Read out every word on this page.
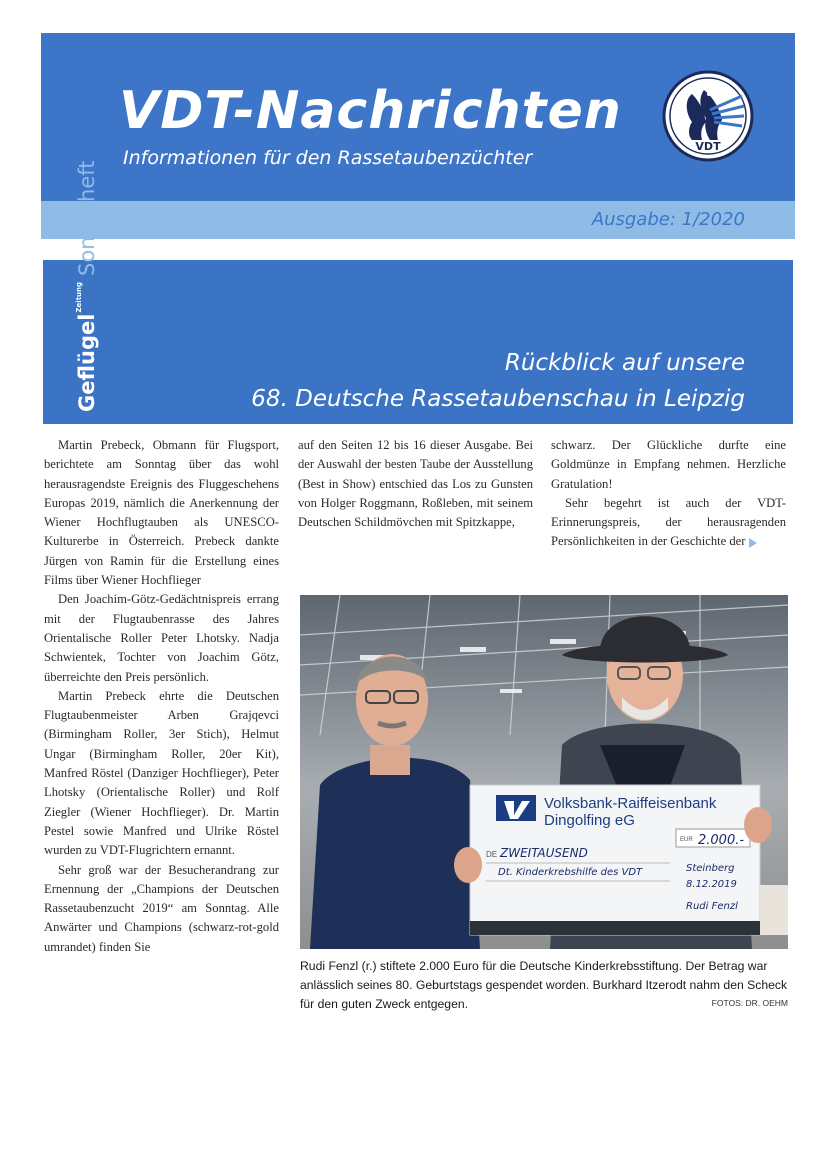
VDT-Nachrichten
Informationen für den Rassetaubenzüchter
VDT
Ausgabe: 1/2020
Geflügel$^{Zeitung}$Sonderheft
Rückblick auf unsere
68. Deutsche Rassetaubenschau in Leipzig

Martin Prebeck, Obmann für Flugsport, berichtete am Sonntag über das wohl herausragendste Ereignis des Fluggeschehens Europas 2019, nämlich die Anerkennung der Wiener Hochflugtauben als UNESCO-Kulturerbe in Österreich. Prebeck dankte Jürgen von Ramin für die Erstellung eines Films über Wiener Hochflieger

Den Joachim-Götz-Gedächtnispreis errang mit der Flugtaubenrasse des Jahres Orientalische Roller Peter Lhotsky. Nadja Schwientek, Tochter von Joachim Götz, überreichte den Preis persönlich.

Martin Prebeck ehrte die Deutschen Flugtaubenmeister Arben Grajqevci (Birmingham Roller, 3er Stich), Helmut Ungar (Birmingham Roller, 20er Kit), Manfred Röstel (Danziger Hochflieger), Peter Lhotsky (Orientalische Roller) und Rolf Ziegler (Wiener Hochflieger). Dr. Martin Pestel sowie Manfred und Ulrike Röstel wurden zu VDT-Flugrichtern ernannt.

Sehr groß war der Besucherandrang zur Ernennung der „Champions der Deutschen Rassetaubenzucht 2019“ am Sonntag. Alle Anwärter und Champions (schwarz-rot-gold umrandet) finden Sie

auf den Seiten 12 bis 16 dieser Ausgabe. Bei der Auswahl der besten Taube der Ausstellung (Best in Show) entschied das Los zu Gunsten von Holger Roggmann, Roßleben, mit seinem Deutschen Schildmövchen mit Spitzkappe,

schwarz. Der Glückliche durfte eine Goldmünze in Empfang nehmen. Herzliche Gratulation!

Sehr begehrt ist auch der VDT-Erinnerungspreis, der herausragenden Persönlichkeiten in der Geschichte der

Volksbank-Raiffeisenbank
Dingolfing eG
DE ZWEITAUSEND
EUR 2.000.-
Dt. Kinderkrebshilfe des VDT	Steinberg
8.12.2019
Rudi Fenzl
Rudi Fenzl (r.) stiftete 2.000 Euro für die Deutsche Kinderkrebsstiftung. Der Betrag war anlässlich seines 80. Geburtstags gespendet worden. Burkhard Itzerodt nahm den Scheck für den guten Zweck entgegen.	FOTOS: DR. OEHM
